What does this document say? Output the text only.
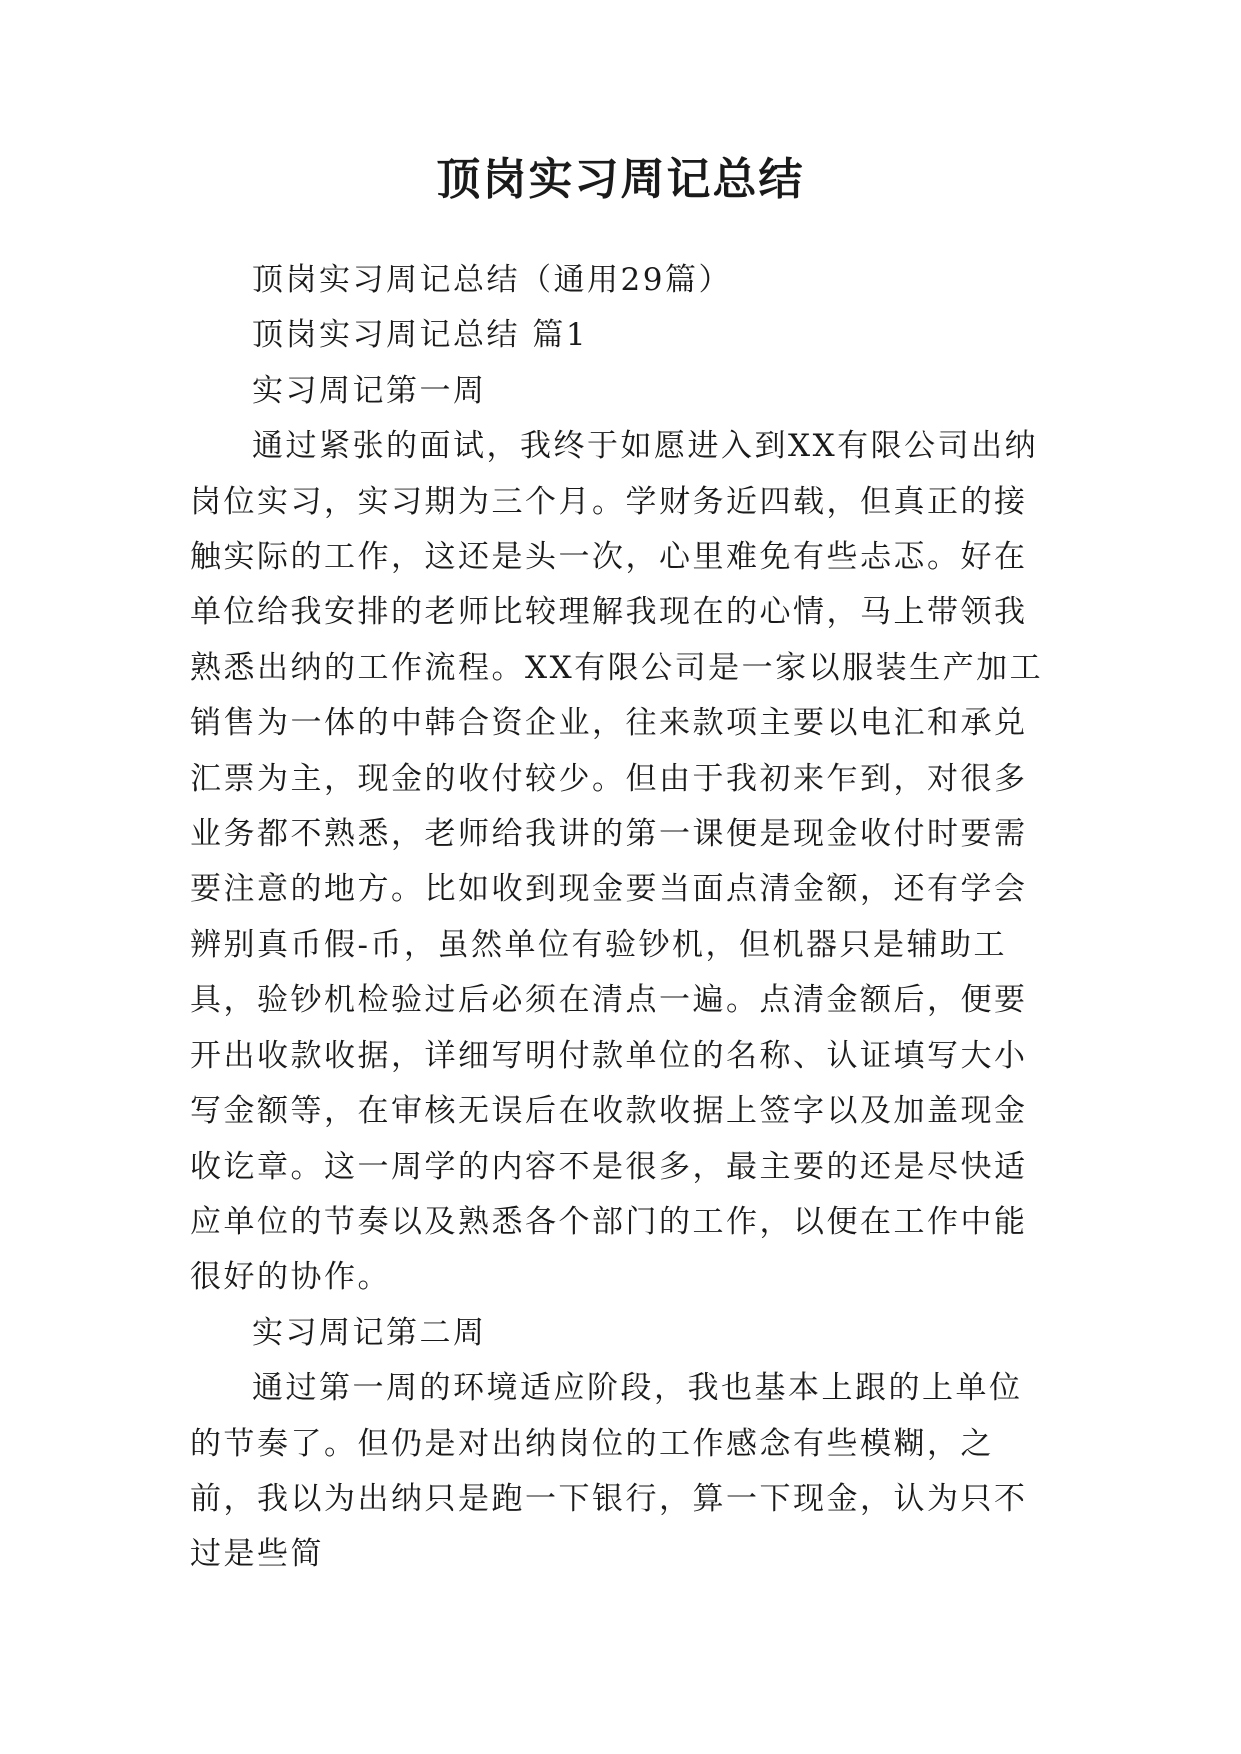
顶岗实习周记总结

顶岗实习周记总结（通用29篇）

顶岗实习周记总结 篇1

实习周记第一周

通过紧张的面试，我终于如愿进入到XX有限公司出纳岗位实习，实习期为三个月。学财务近四载，但真正的接触实际的工作，这还是头一次，心里难免有些忐忑。好在单位给我安排的老师比较理解我现在的心情，马上带领我熟悉出纳的工作流程。XX有限公司是一家以服装生产加工销售为一体的中韩合资企业，往来款项主要以电汇和承兑汇票为主，现金的收付较少。但由于我初来乍到，对很多业务都不熟悉，老师给我讲的第一课便是现金收付时要需要注意的地方。比如收到现金要当面点清金额，还有学会辨别真币假-币，虽然单位有验钞机，但机器只是辅助工具，验钞机检验过后必须在清点一遍。点清金额后，便要开出收款收据，详细写明付款单位的名称、认证填写大小写金额等，在审核无误后在收款收据上签字以及加盖现金收讫章。这一周学的内容不是很多，最主要的还是尽快适应单位的节奏以及熟悉各个部门的工作，以便在工作中能很好的协作。

实习周记第二周

通过第一周的环境适应阶段，我也基本上跟的上单位的节奏了。但仍是对出纳岗位的工作感念有些模糊，之前，我以为出纳只是跑一下银行，算一下现金，认为只不过是些简
